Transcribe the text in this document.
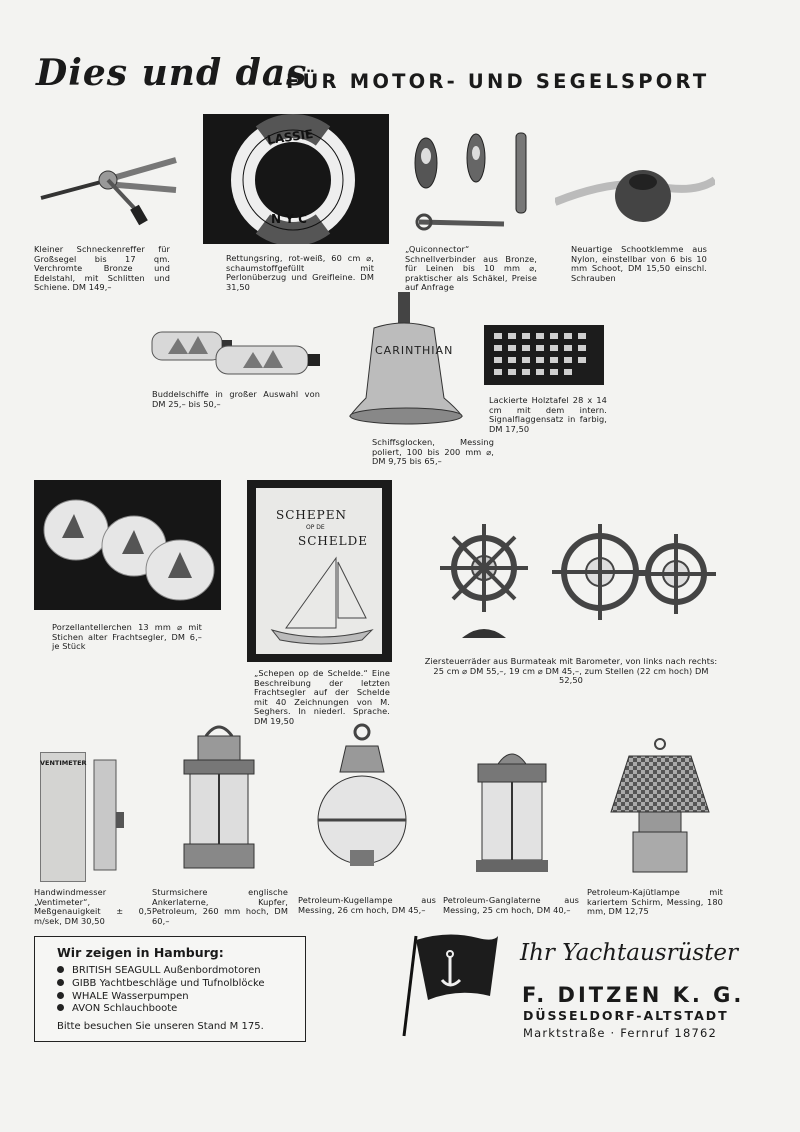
Dies und das
FÜR MOTOR- UND SEGELSPORT
LASSIE
N Y C
Kleiner Schneckenreffer für Großsegel bis 17 qm. Verchromte Bronze und Edelstahl, mit Schlitten und Schiene. DM 149,–
Rettungsring, rot-weiß, 60 cm ⌀, schaumstoffgefüllt mit Perlonüberzug und Greifleine. DM 31,50
„Quiconnector“ Schnellverbinder aus Bronze, für Leinen bis 10 mm ⌀, praktischer als Schäkel, Preise auf Anfrage
Neuartige Schootklemme aus Nylon, einstellbar von 6 bis 10 mm Schoot, DM 15,50 einschl. Schrauben
CARINTHIAN
Buddelschiffe in großer Auswahl von DM 25,– bis 50,–
Schiffsglocken, Messing poliert, 100 bis 200 mm ⌀, DM 9,75 bis 65,–
Lackierte Holztafel 28 x 14 cm mit dem intern. Signalflaggensatz in farbig, DM 17,50
SCHEPEN
OP DE
SCHELDE
Porzellantellerchen 13 mm ⌀ mit Stichen alter Frachtsegler, DM 6,– je Stück
„Schepen op de Schelde.“ Eine Beschreibung der letzten Frachtsegler auf der Schelde mit 40 Zeichnungen von M. Seghers. In niederl. Sprache. DM 19,50
Ziersteuerräder aus Burmateak mit Barometer, von links nach rechts: 25 cm ⌀ DM 55,–, 19 cm ⌀ DM 45,–, zum Stellen (22 cm hoch) DM 52,50
VENTIMETER
Handwindmesser „Ventimeter“, Meßgenauigkeit ± 0,5 m/sek, DM 30,50
Sturmsichere englische Ankerlaterne, Kupfer, Petroleum, 260 mm hoch, DM 60,–
Petroleum-Kugellampe aus Messing, 26 cm hoch, DM 45,–
Petroleum-Ganglaterne aus Messing, 25 cm hoch, DM 40,–
Petroleum-Kajütlampe mit kariertem Schirm, Messing, 180 mm, DM 12,75
Wir zeigen in Hamburg:
BRITISH SEAGULL Außenbordmotoren
GIBB Yachtbeschläge und Tufnolblöcke
WHALE Wasserpumpen
AVON Schlauchboote
Bitte besuchen Sie unseren Stand M 175.
Ihr Yachtausrüster
F. DITZEN K. G.
DÜSSELDORF-ALTSTADT
Marktstraße · Fernruf 18762
